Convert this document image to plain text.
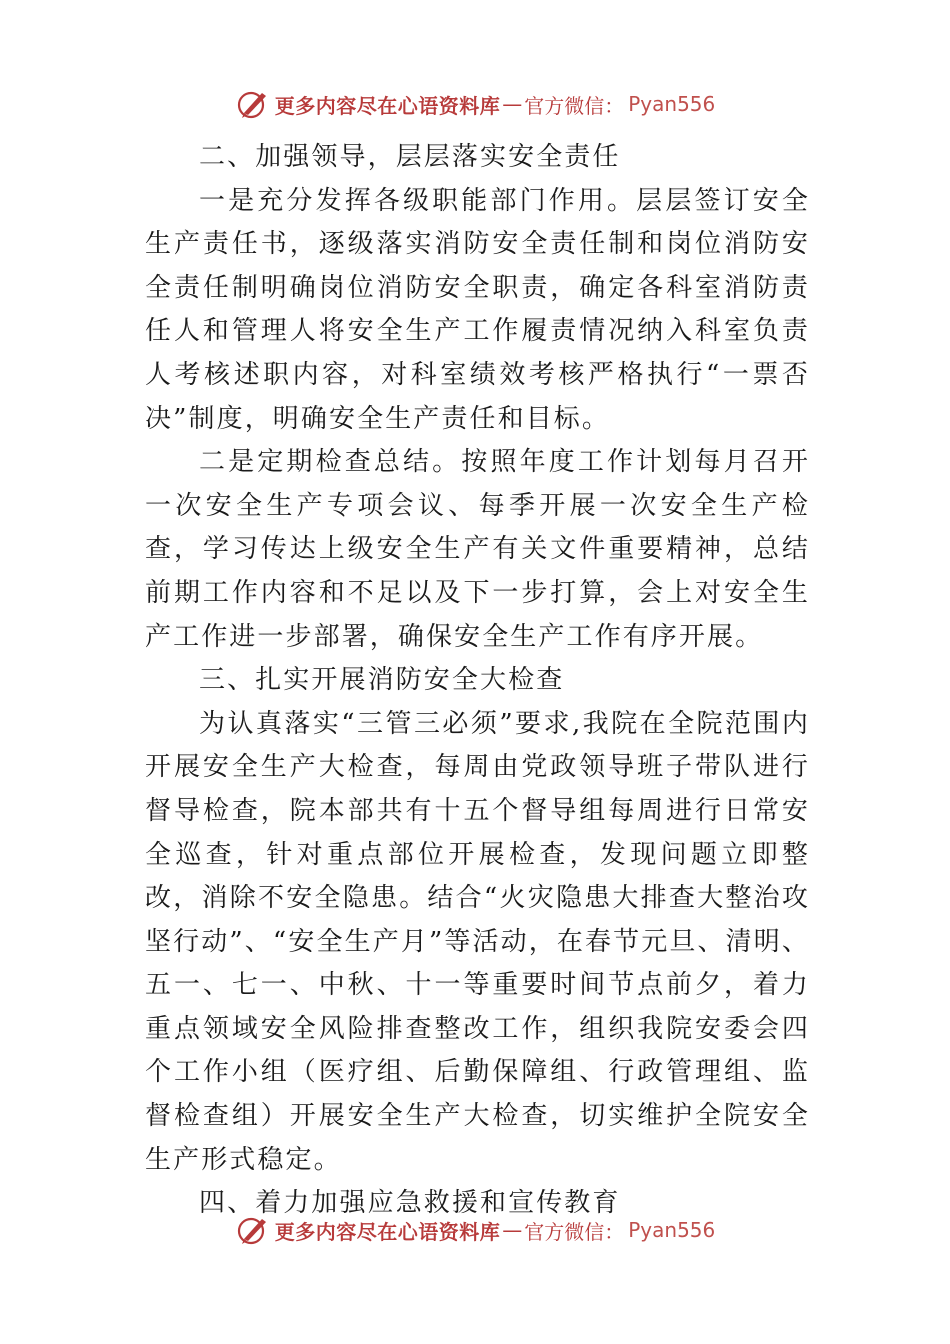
更多内容尽在心语资料库 — 官方微信： Pyan556

二、加强领导，层层落实安全责任

一是充分发挥各级职能部门作用。层层签订安全生产责任书，逐级落实消防安全责任制和岗位消防安全责任制明确岗位消防安全职责，确定各科室消防责任人和管理人将安全生产工作履责情况纳入科室负责人考核述职内容，对科室绩效考核严格执行“一票否决”制度，明确安全生产责任和目标。

二是定期检查总结。按照年度工作计划每月召开一次安全生产专项会议、每季开展一次安全生产检查，学习传达上级安全生产有关文件重要精神，总结前期工作内容和不足以及下一步打算，会上对安全生产工作进一步部署，确保安全生产工作有序开展。

三、扎实开展消防安全大检查

为认真落实“三管三必须”要求,我院在全院范围内开展安全生产大检查，每周由党政领导班子带队进行督导检查，院本部共有十五个督导组每周进行日常安全巡查，针对重点部位开展检查，发现问题立即整改，消除不安全隐患。结合“火灾隐患大排查大整治攻坚行动”、“安全生产月”等活动，在春节元旦、清明、五一、七一、中秋、十一等重要时间节点前夕，着力重点领域安全风险排查整改工作，组织我院安委会四个工作小组（医疗组、后勤保障组、行政管理组、监督检查组）开展安全生产大检查，切实维护全院安全生产形式稳定。

四、着力加强应急救援和宣传教育

更多内容尽在心语资料库 — 官方微信： Pyan556
